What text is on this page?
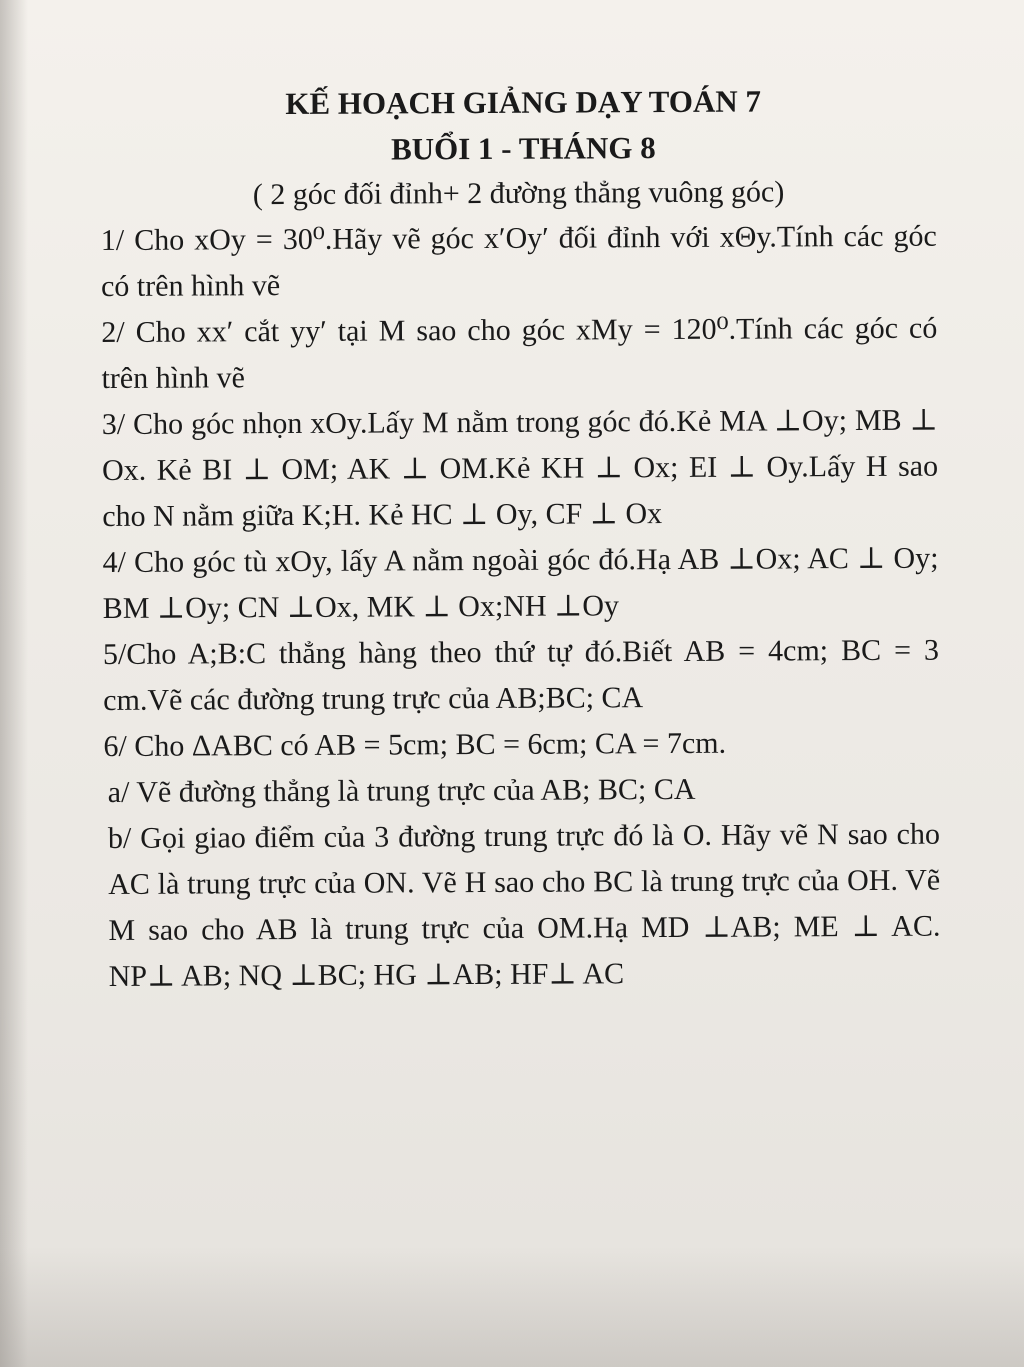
KẾ HOẠCH GIẢNG DẠY TOÁN 7

BUỔI 1 - THÁNG 8

( 2 góc đối đỉnh+ 2 đường thẳng vuông góc)

1/ Cho xOy = 30⁰.Hãy vẽ góc x′Oy′ đối đỉnh với xΘy.Tính các góc có trên hình vẽ

2/ Cho xx′ cắt yy′ tại M sao cho góc xMy = 120⁰.Tính các góc có trên hình vẽ

3/ Cho góc nhọn xOy.Lấy M nằm trong góc đó.Kẻ MA ⊥Oy; MB ⊥ Ox. Kẻ BI ⊥ OM; AK ⊥ OM.Kẻ KH ⊥ Ox; EI ⊥ Oy.Lấy H sao cho N nằm giữa K;H. Kẻ HC ⊥ Oy, CF ⊥ Ox

4/ Cho góc tù xOy, lấy A nằm ngoài góc đó.Hạ AB ⊥Ox; AC ⊥ Oy; BM ⊥Oy; CN ⊥Ox, MK ⊥ Ox;NH ⊥Oy

5/Cho A;B:C thẳng hàng theo thứ tự đó.Biết AB = 4cm; BC = 3 cm.Vẽ các đường trung trực của AB;BC; CA

6/ Cho ΔABC có AB = 5cm; BC = 6cm; CA = 7cm.

a/ Vẽ đường thẳng là trung trực của AB; BC; CA

b/ Gọi giao điểm của 3 đường trung trực đó là O. Hãy vẽ N sao cho AC là trung trực của ON. Vẽ H sao cho BC là trung trực của OH. Vẽ M sao cho AB là trung trực của OM.Hạ MD ⊥AB; ME ⊥ AC. NP⊥ AB; NQ ⊥BC; HG ⊥AB; HF⊥ AC
